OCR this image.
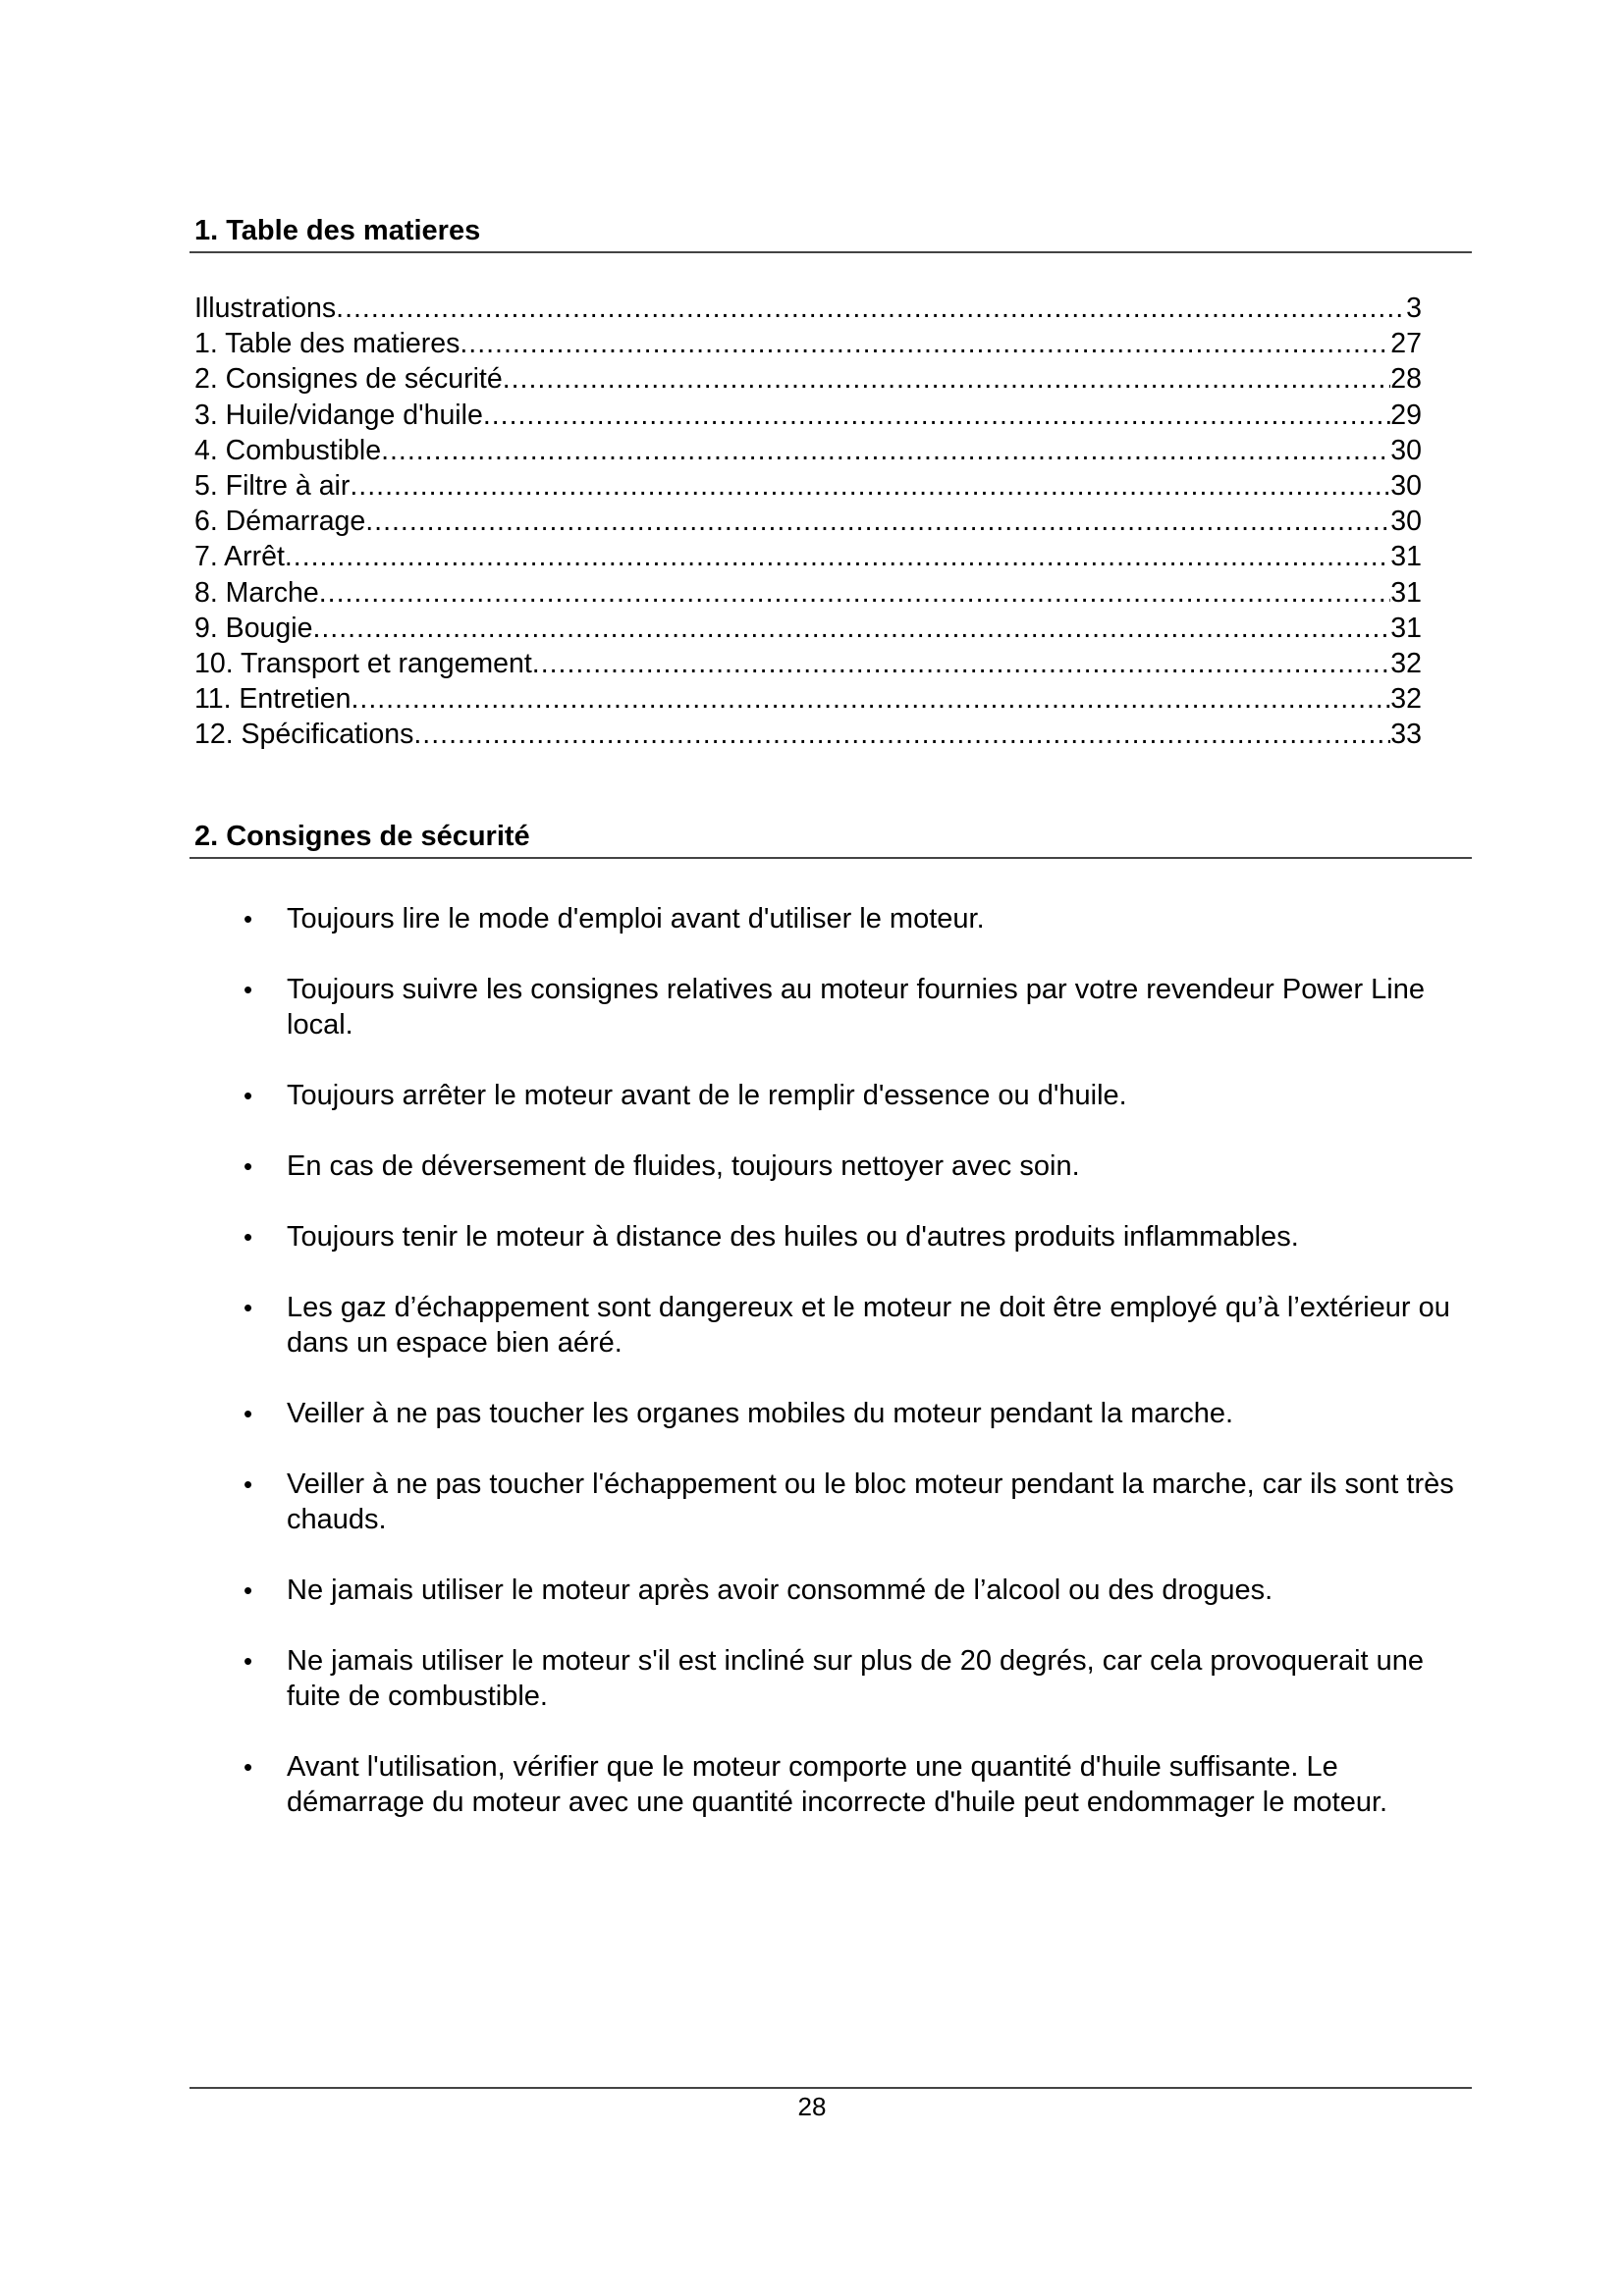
1. Table des matieres
Illustrations .....	3
1. Table des matieres .....	27
2. Consignes de sécurité .....	28
3. Huile/vidange d'huile .....	29
4. Combustible .....	30
5. Filtre à air .....	30
6. Démarrage .....	30
7. Arrêt .....	31
8. Marche .....	31
9. Bougie .....	31
10. Transport et rangement .....	32
11. Entretien .....	32
12. Spécifications .....	33
2. Consignes de sécurité
• Toujours lire le mode d'emploi avant d'utiliser le moteur.
• Toujours suivre les consignes relatives au moteur fournies par votre revendeur Power Line local.
• Toujours arrêter le moteur avant de le remplir d'essence ou d'huile.
• En cas de déversement de fluides, toujours nettoyer avec soin.
• Toujours tenir le moteur à distance des huiles ou d'autres produits inflammables.
• Les gaz d’échappement sont dangereux et le moteur ne doit être employé qu’à l’extérieur ou dans un espace bien aéré.
• Veiller à ne pas toucher les organes mobiles du moteur pendant la marche.
• Veiller à ne pas toucher l'échappement ou le bloc moteur pendant la marche, car ils sont très chauds.
• Ne jamais utiliser le moteur après avoir consommé de l’alcool ou des drogues.
• Ne jamais utiliser le moteur s'il est incliné sur plus de 20 degrés, car cela provoquerait une fuite de combustible.
• Avant l'utilisation, vérifier que le moteur comporte une quantité d'huile suffisante. Le démarrage du moteur avec une quantité incorrecte d'huile peut endommager le moteur.
28
